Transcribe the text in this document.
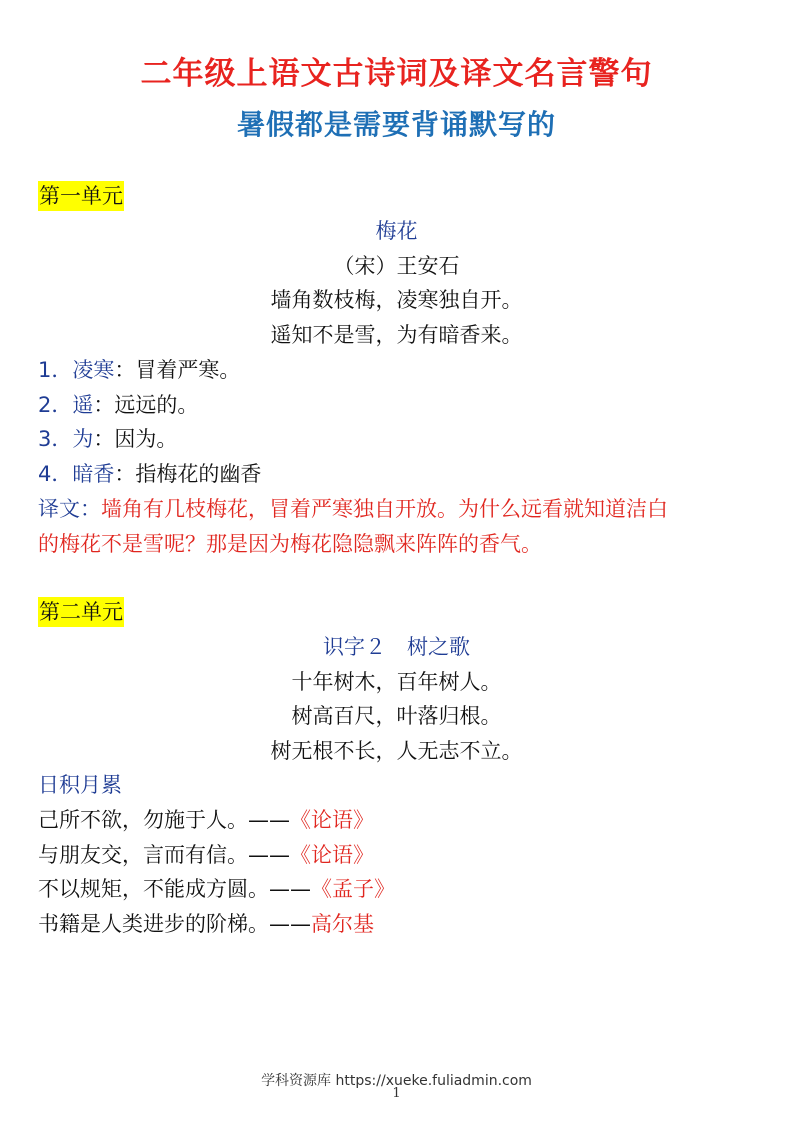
二年级上语文古诗词及译文名言警句
暑假都是需要背诵默写的
第一单元
梅花
（宋）王安石
墙角数枝梅，凌寒独自开。
遥知不是雪，为有暗香来。
1．凌寒：冒着严寒。
2．遥：远远的。
3．为：因为。
4．暗香：指梅花的幽香
译文：墙角有几枝梅花，冒着严寒独自开放。为什么远看就知道洁白
的梅花不是雪呢？那是因为梅花隐隐飘来阵阵的香气。
第二单元
识字２　树之歌
十年树木，百年树人。
树高百尺，叶落归根。
树无根不长，人无志不立。
日积月累
己所不欲，勿施于人。——《论语》
与朋友交，言而有信。——《论语》
不以规矩，不能成方圆。——《孟子》
书籍是人类进步的阶梯。——高尔基
学科资源库 https://xueke.fuliadmin.com
1
